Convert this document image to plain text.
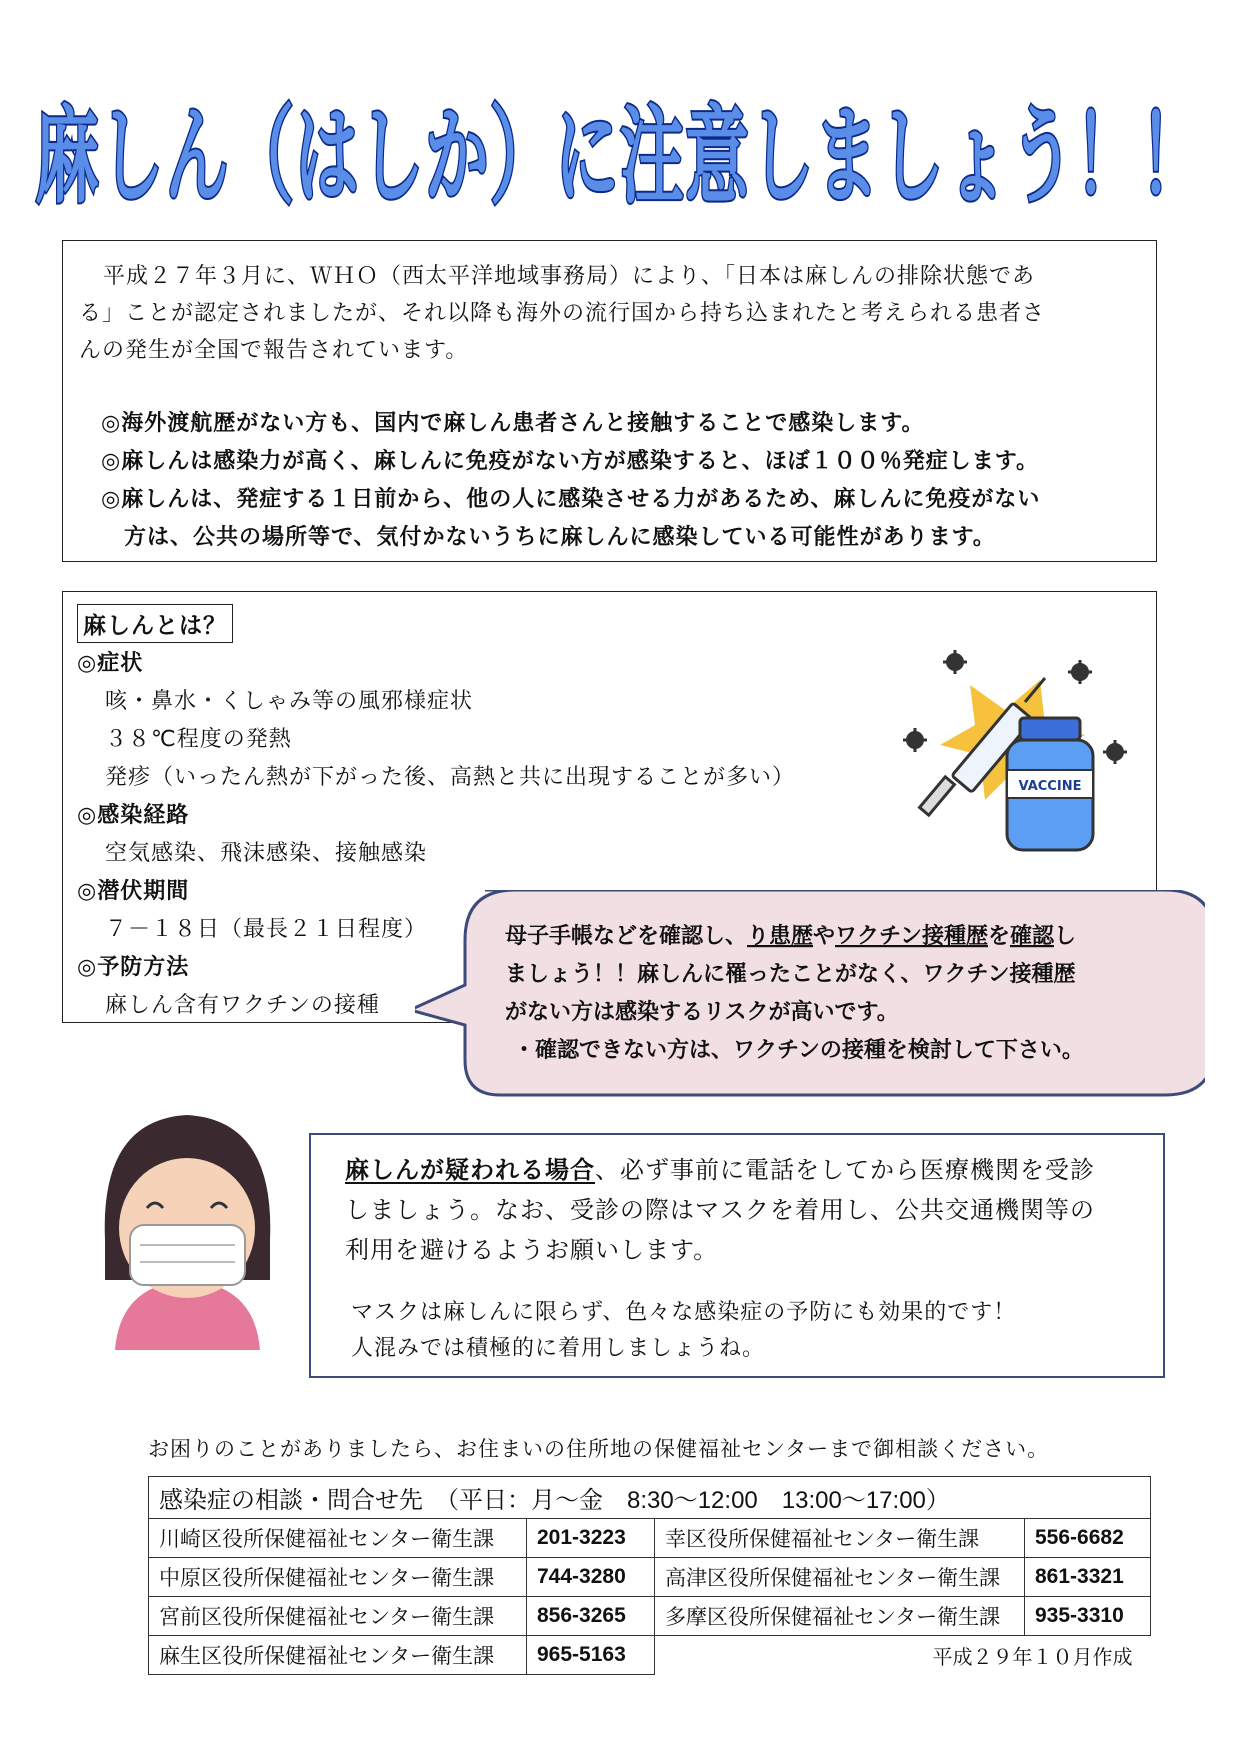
麻しん（はしか）に注意しましょう！！
平成２７年３月に、ＷＨＯ（西太平洋地域事務局）により、「日本は麻しんの排除状態であ
る」ことが認定されましたが、それ以降も海外の流行国から持ち込まれたと考えられる患者さ
んの発生が全国で報告されています。
◎海外渡航歴がない方も、国内で麻しん患者さんと接触することで感染します。
◎麻しんは感染力が高く、麻しんに免疫がない方が感染すると、ほぼ１００％発症します。
◎麻しんは、発症する１日前から、他の人に感染させる力があるため、麻しんに免疫がない
　方は、公共の場所等で、気付かないうちに麻しんに感染している可能性があります。
麻しんとは？
◎症状
咳・鼻水・くしゃみ等の風邪様症状
３８℃程度の発熱
発疹（いったん熱が下がった後、高熱と共に出現することが多い）
◎感染経路
空気感染、飛沫感染、接触感染
◎潜伏期間
７－１８日（最長２１日程度）
◎予防方法
麻しん含有ワクチンの接種
VACCINE
母子手帳などを確認し、り患歴やワクチン接種歴を確認し ましょう！！麻しんに罹ったことがなく、ワクチン接種歴 がない方は感染するリスクが高いです。 ・確認できない方は、ワクチンの接種を検討して下さい。
麻しんが疑われる場合、必ず事前に電話をしてから医療機関を受診
しましょう。なお、受診の際はマスクを着用し、公共交通機関等の
利用を避けるようお願いします。
マスクは麻しんに限らず、色々な感染症の予防にも効果的です！
人混みでは積極的に着用しましょうね。
お困りのことがありましたら、お住まいの住所地の保健福祉センターまで御相談ください。
感染症の相談・問合せ先　（平日：月～金　8:30～12:00　13:00～17:00）			
川崎区役所保健福祉センター衛生課	201-3223	幸区役所保健福祉センター衛生課	556-6682
中原区役所保健福祉センター衛生課	744-3280	高津区役所保健福祉センター衛生課	861-3321
宮前区役所保健福祉センター衛生課	856-3265	多摩区役所保健福祉センター衛生課	935-3310
麻生区役所保健福祉センター衛生課	965-5163	平成２９年１０月作成	
